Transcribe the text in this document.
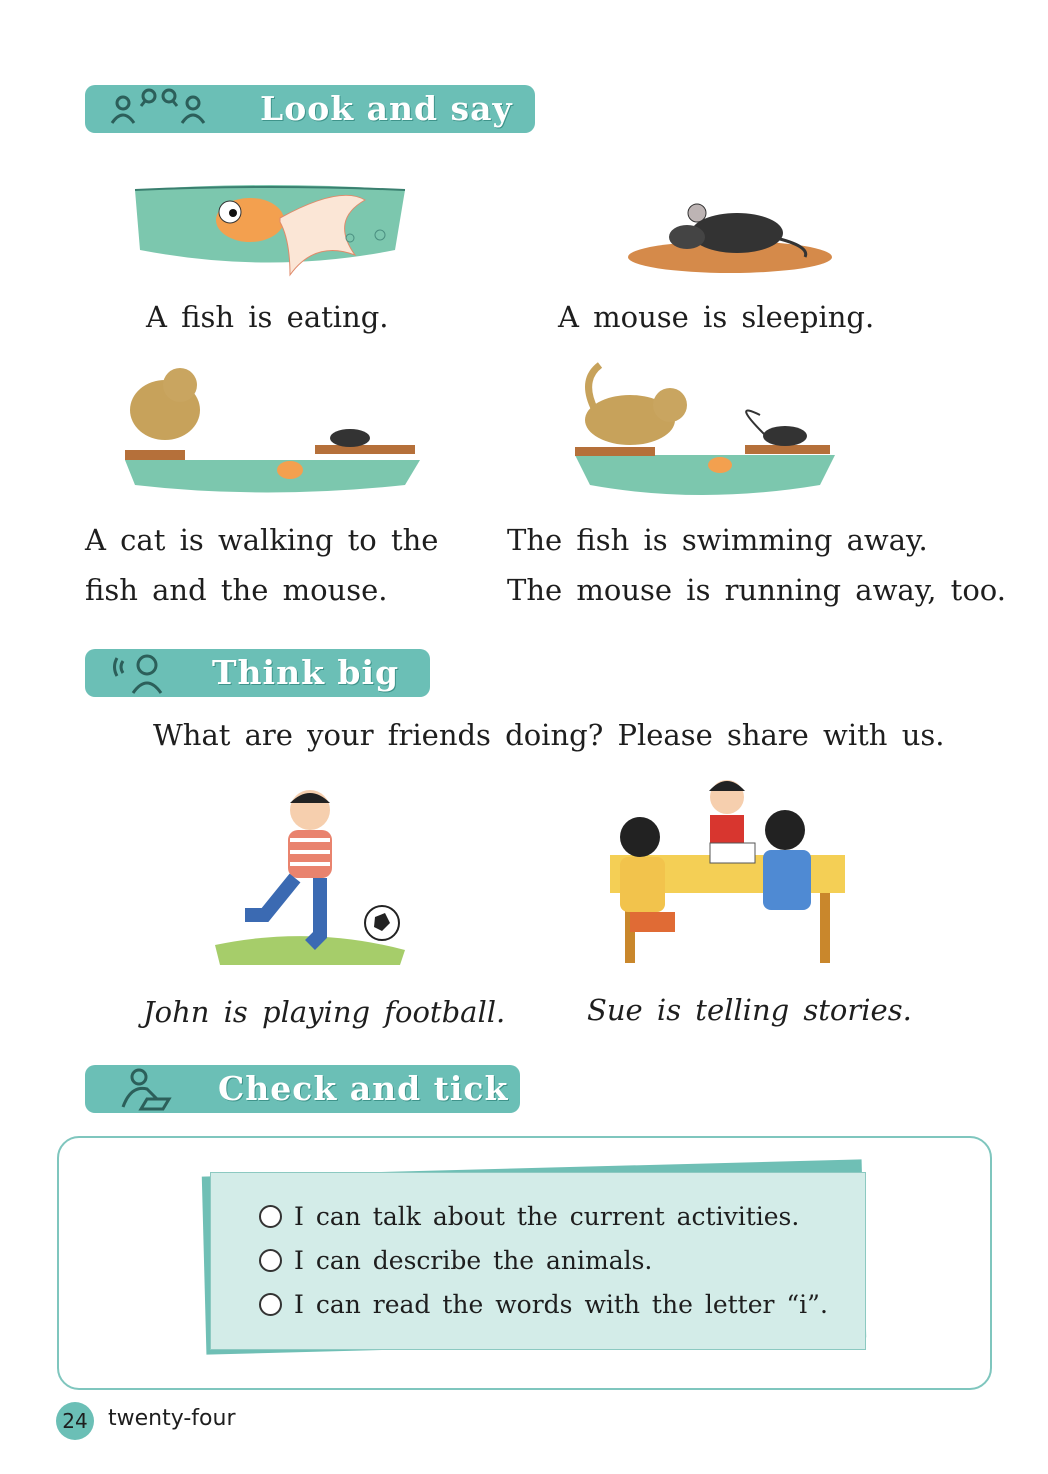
Look and say
A fish is eating.	A mouse is sleeping.
A cat is walking to the
fish and the mouse.
The fish is swimming away.
The mouse is running away, too.
Think big
What are your friends doing? Please share with us.
John is playing football.	Sue is telling stories.
Check and tick
I can talk about the current activities.
I can describe the animals.
I can read the words with the letter “i”.
24 twenty-four
